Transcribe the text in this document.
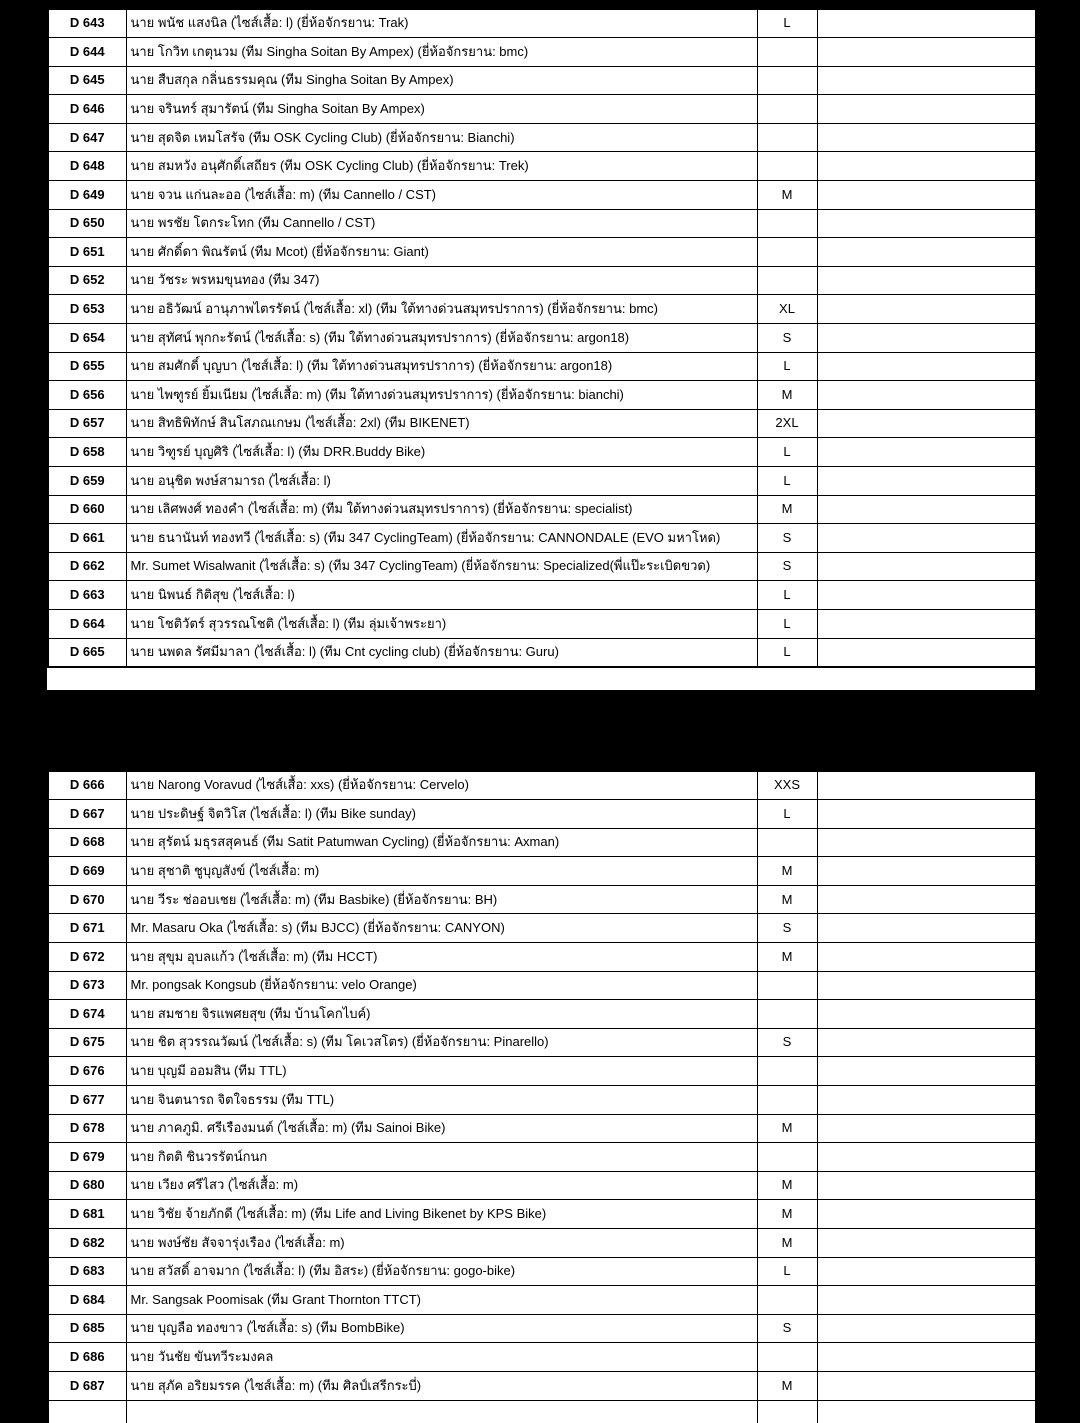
D 643	นาย พนัช แสงนิล (ไซส์เสื้อ: l) (ยี่ห้อจักรยาน: Trak)	L	
D 644	นาย โกวิท เกตุนวม (ทีม Singha Soitan By Ampex) (ยี่ห้อจักรยาน: bmc)		
D 645	นาย สืบสกุล กลิ่นธรรมคุณ (ทีม Singha Soitan By Ampex)		
D 646	นาย จรินทร์ สุมารัตน์ (ทีม Singha Soitan By Ampex)		
D 647	นาย สุดจิต เหมโสรัจ (ทีม OSK Cycling Club) (ยี่ห้อจักรยาน: Bianchi)		
D 648	นาย สมหวัง อนุศักดิ์เสถียร (ทีม OSK Cycling Club) (ยี่ห้อจักรยาน: Trek)		
D 649	นาย จวน แก่นละออ (ไซส์เสื้อ: m) (ทีม Cannello / CST)	M	
D 650	นาย พรชัย โตกระโทก (ทีม Cannello / CST)		
D 651	นาย ศักดิ์ดา พิณรัตน์ (ทีม Mcot) (ยี่ห้อจักรยาน: Giant)		
D 652	นาย วัชระ พรหมขุนทอง (ทีม 347)		
D 653	นาย อธิวัฒน์ อานุภาพไตรรัตน์ (ไซส์เสื้อ: xl) (ทีม ใต้ทางด่วนสมุทรปราการ) (ยี่ห้อจักรยาน: bmc)	XL	
D 654	นาย สุทัศน์ พุกกะรัตน์ (ไซส์เสื้อ: s) (ทีม ใต้ทางด่วนสมุทรปราการ) (ยี่ห้อจักรยาน: argon18)	S	
D 655	นาย สมศักดิ์ บุญบา (ไซส์เสื้อ: l) (ทีม ใต้ทางด่วนสมุทรปราการ) (ยี่ห้อจักรยาน: argon18)	L	
D 656	นาย ไพฑูรย์ ยิ้มเนียม (ไซส์เสื้อ: m) (ทีม ใต้ทางด่วนสมุทรปราการ) (ยี่ห้อจักรยาน: bianchi)	M	
D 657	นาย สิทธิพิทักษ์ สินโสภณเกษม (ไซส์เสื้อ: 2xl) (ทีม BIKENET)	2XL	
D 658	นาย วิฑูรย์ บุญศิริ (ไซส์เสื้อ: l) (ทีม DRR.Buddy Bike)	L	
D 659	นาย อนุชิต พงษ์สามารถ (ไซส์เสื้อ: l)	L	
D 660	นาย เลิศพงศ์ ทองคำ (ไซส์เสื้อ: m) (ทีม ใต้ทางด่วนสมุทรปราการ) (ยี่ห้อจักรยาน: specialist)	M	
D 661	นาย ธนานันท์ ทองทวี (ไซส์เสื้อ: s) (ทีม 347 CyclingTeam) (ยี่ห้อจักรยาน: CANNONDALE (EVO มหาโหด)	S	
D 662	Mr. Sumet Wisalwanit (ไซส์เสื้อ: s) (ทีม 347 CyclingTeam) (ยี่ห้อจักรยาน: Specialized(พี่แป๊ะระเบิดขวด)	S	
D 663	นาย นิพนธ์ กิติสุข (ไซส์เสื้อ: l)	L	
D 664	นาย โชติวัตร์ สุวรรณโชติ (ไซส์เสื้อ: l) (ทีม ลุ่มเจ้าพระยา)	L	
D 665	นาย นพดล รัศมีมาลา (ไซส์เสื้อ: l) (ทีม Cnt cycling club) (ยี่ห้อจักรยาน: Guru)	L	
D 666	นาย Narong Voravud (ไซส์เสื้อ: xxs) (ยี่ห้อจักรยาน: Cervelo)	XXS	
D 667	นาย ประดิษฐ์ จิตวิโส (ไซส์เสื้อ: l) (ทีม Bike sunday)	L	
D 668	นาย สุรัตน์ มธุรสสุคนธ์ (ทีม Satit Patumwan Cycling) (ยี่ห้อจักรยาน: Axman)		
D 669	นาย สุชาติ ชูบุญสังข์ (ไซส์เสื้อ: m)	M	
D 670	นาย วีระ ช่ออบเชย (ไซส์เสื้อ: m) (ทีม Basbike) (ยี่ห้อจักรยาน: BH)	M	
D 671	Mr. Masaru Oka (ไซส์เสื้อ: s) (ทีม BJCC) (ยี่ห้อจักรยาน: CANYON)	S	
D 672	นาย สุขุม อุบลแก้ว (ไซส์เสื้อ: m) (ทีม HCCT)	M	
D 673	Mr. pongsak Kongsub (ยี่ห้อจักรยาน: velo Orange)		
D 674	นาย สมชาย จิรแพศยสุข (ทีม บ้านโคกไบค์)		
D 675	นาย ชิต สุวรรณวัฒน์ (ไซส์เสื้อ: s) (ทีม โคเวสโตร) (ยี่ห้อจักรยาน: Pinarello)	S	
D 676	นาย บุญมี ออมสิน (ทีม TTL)		
D 677	นาย จินตนารถ จิตใจธรรม (ทีม TTL)		
D 678	นาย ภาคภูมิ. ศรีเรืองมนต์ (ไซส์เสื้อ: m) (ทีม Sainoi Bike)	M	
D 679	นาย กิตติ ชินวรรัตน์กนก		
D 680	นาย เวียง ศรีไสว (ไซส์เสื้อ: m)	M	
D 681	นาย วิชัย จ้ายภักดี (ไซส์เสื้อ: m) (ทีม Life and Living Bikenet by KPS Bike)	M	
D 682	นาย พงษ์ชัย สัจจารุ่งเรือง (ไซส์เสื้อ: m)	M	
D 683	นาย สวัสดิ์ อาจมาก (ไซส์เสื้อ: l) (ทีม อิสระ) (ยี่ห้อจักรยาน: gogo-bike)	L	
D 684	Mr. Sangsak Poomisak (ทีม Grant Thornton TTCT)		
D 685	นาย บุญลือ ทองขาว (ไซส์เสื้อ: s) (ทีม BombBike)	S	
D 686	นาย วันชัย ขันทวีระมงคล		
D 687	นาย สุภัค อริยมรรค (ไซส์เสื้อ: m) (ทีม ศิลป์เสรีกระบี่)	M	
